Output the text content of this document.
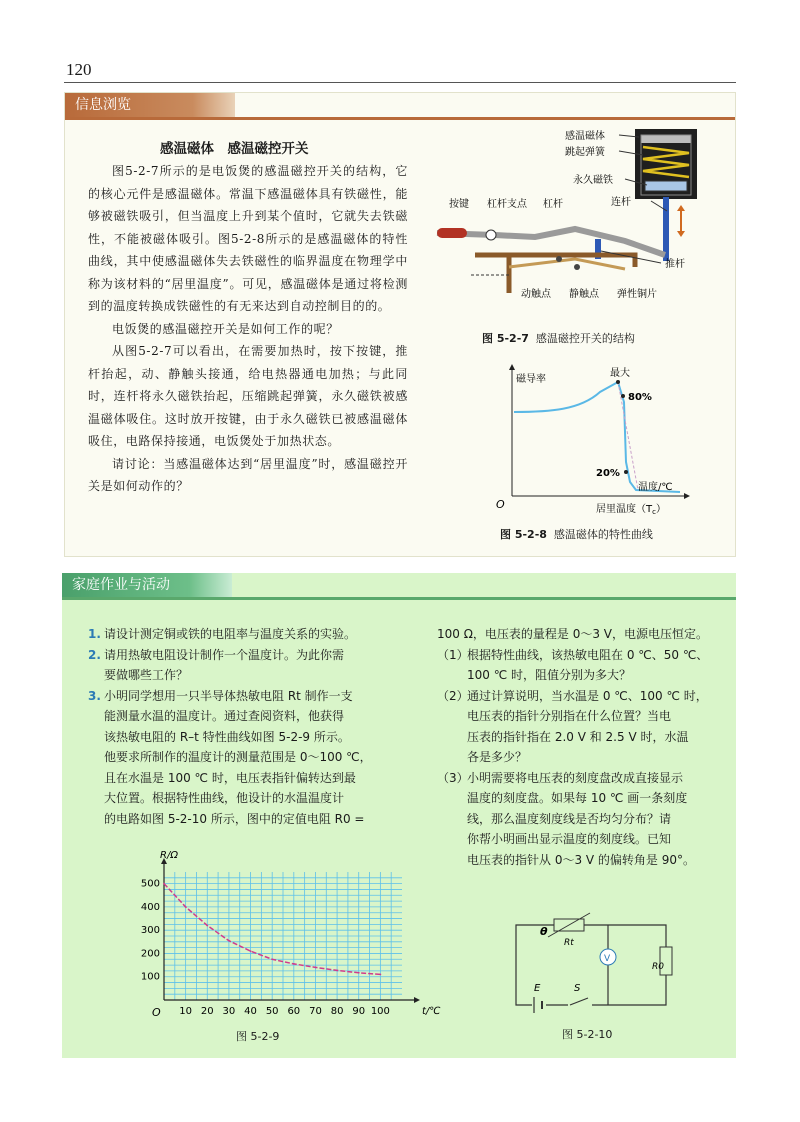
120
信息浏览
感温磁体　感温磁控开关

图5-2-7所示的是电饭煲的感温磁控开关的结构，它的核心元件是感温磁体。常温下感温磁体具有铁磁性，能够被磁铁吸引，但当温度上升到某个值时，它就失去铁磁性，不能被磁体吸引。图5-2-8所示的是感温磁体的特性曲线，其中使感温磁体失去铁磁性的临界温度在物理学中称为该材料的“居里温度”。可见，感温磁体是通过将检测到的温度转换成铁磁性的有无来达到自动控制目的的。

电饭煲的感温磁控开关是如何工作的呢？

从图5-2-7可以看出，在需要加热时，按下按键，推杆抬起，动、静触头接通，给电热器通电加热；与此同时，连杆将永久磁铁抬起，压缩跳起弹簧，永久磁铁被感温磁体吸住。这时放开按键，由于永久磁铁已被感温磁体吸住，电路保持接通，电饭煲处于加热状态。

请讨论：当感温磁体达到“居里温度”时，感温磁控开关是如何动作的？

感温磁体
跳起弹簧
永久磁铁
连杆
按键 杠杆支点 杠杆
推杆
动触点 静触点 弹性铜片
图 5-2-7 感温磁控开关的结构
磁导率
最大
80%
20%
温度/℃
O	居里温度$(T_c)$
图 5-2-8 感温磁体的特性曲线
家庭作业与活动
1. 请设计测定铜或铁的电阻率与温度关系的实验。
2. 请用热敏电阻设计制作一个温度计。为此你需
要做哪些工作？
3. 小明同学想用一只半导体热敏电阻 Rt 制作一支
能测量水温的温度计。通过查阅资料，他获得
该热敏电阻的 R–t 特性曲线如图 5-2-9 所示。
他要求所制作的温度计的测量范围是 0～100 ℃，
且在水温是 100 ℃ 时，电压表指针偏转达到最
大位置。根据特性曲线，他设计的水温温度计
的电路如图 5-2-10 所示，图中的定值电阻 R0 =
100 Ω，电压表的量程是 0～3 V，电源电压恒定。
（1）
根据特性曲线，该热敏电阻在 0 ℃、50 ℃、
100 ℃ 时，阻值分别为多大？
（2）
通过计算说明，当水温是 0 ℃、100 ℃ 时，
电压表的指针分别指在什么位置？当电
压表的指针指在 2.0 V 和 2.5 V 时，水温
各是多少？
（3）
小明需要将电压表的刻度盘改成直接显示
温度的刻度盘。如果每 10 ℃ 画一条刻度
线，那么温度刻度线是否均匀分布？请
你帮小明画出显示温度的刻度线。已知
电压表的指针从 0～3 V 的偏转角是 90°。
10 20 30 40 50 60 70 80 90 100
100
200
300
400
500
R/Ω
t/℃
O
图 5-2-9
θ
Rt
V
R0
E	S
图 5-2-10
